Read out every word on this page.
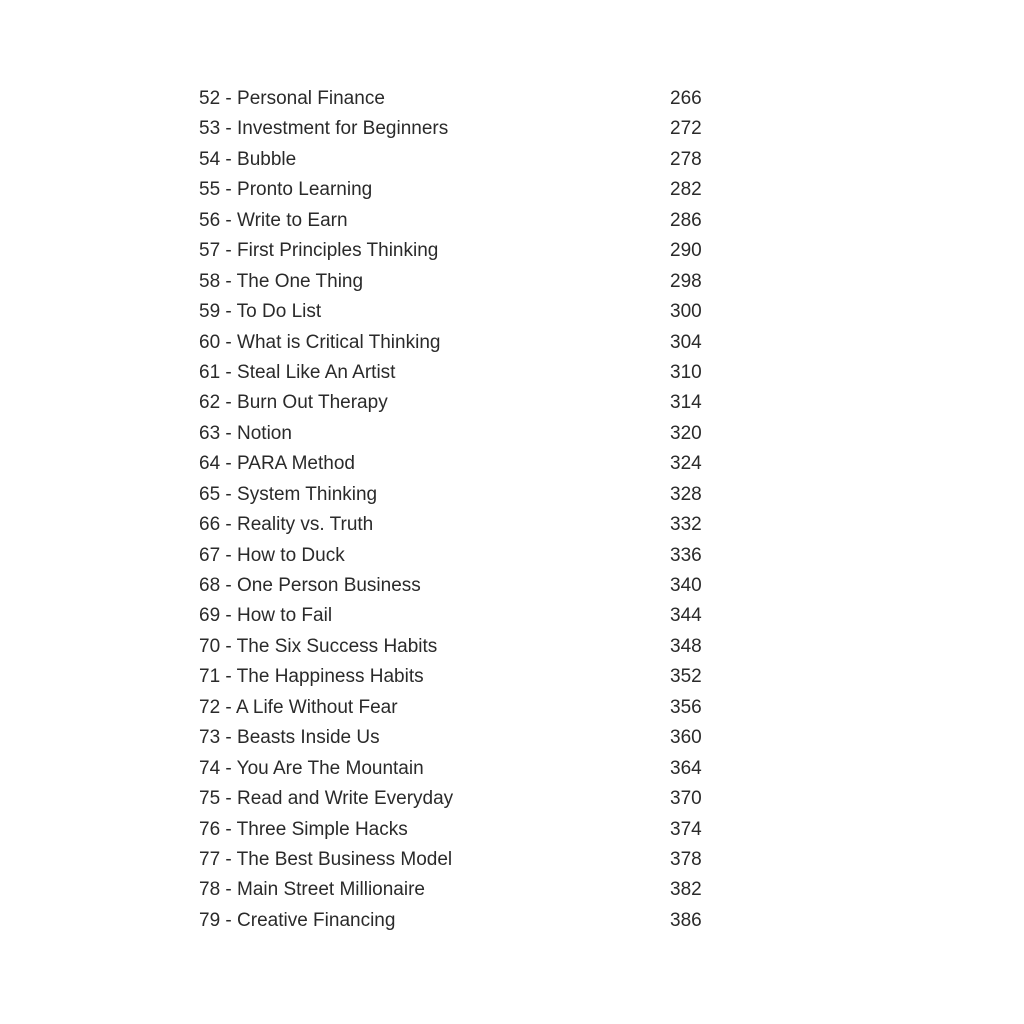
52 - Personal Finance	266
53 - Investment for Beginners	272
54 - Bubble	278
55 - Pronto Learning	282
56 - Write to Earn	286
57 - First Principles Thinking	290
58 - The One Thing	298
59 - To Do List	300
60 - What is Critical Thinking	304
61 - Steal Like An Artist	310
62 - Burn Out Therapy	314
63 - Notion	320
64 - PARA Method	324
65 - System Thinking	328
66 - Reality vs. Truth	332
67 - How to Duck	336
68 - One Person Business	340
69 - How to Fail	344
70 - The Six Success Habits	348
71 - The Happiness Habits	352
72 - A Life Without Fear	356
73 - Beasts Inside Us	360
74 - You Are The Mountain	364
75 - Read and Write Everyday	370
76 - Three Simple Hacks	374
77 - The Best Business Model	378
78 - Main Street Millionaire	382
79 - Creative Financing	386
